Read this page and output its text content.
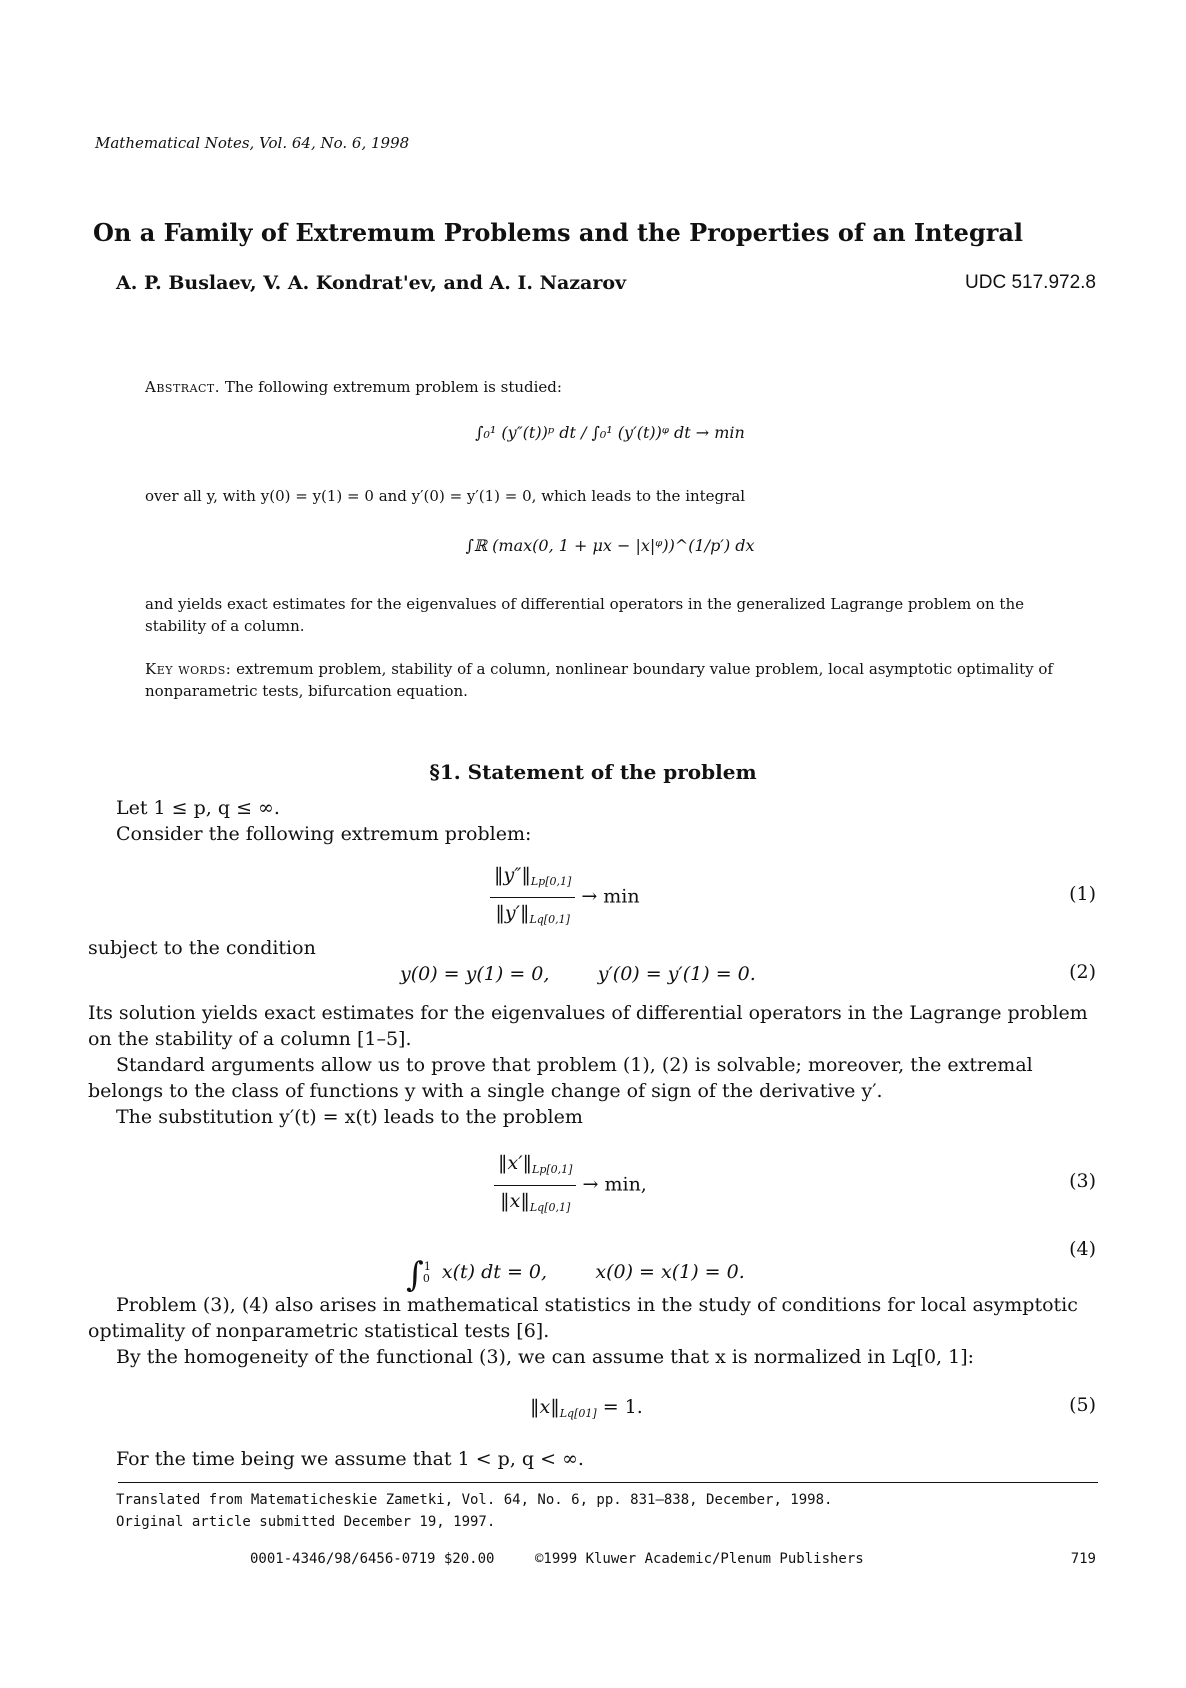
Mathematical Notes, Vol. 64, No. 6, 1998
On a Family of Extremum Problems and the Properties of an Integral
A. P. Buslaev, V. A. Kondrat'ev, and A. I. Nazarov	UDC 517.972.8
Abstract. The following extremum problem is studied:
∫₀¹ (y″(t))ᵖ dt / ∫₀¹ (y′(t))ᵠ dt → min
over all y, with y(0) = y(1) = 0 and y′(0) = y′(1) = 0, which leads to the integral
∫ℝ (max(0, 1 + μx − |x|ᵠ))^(1/p′) dx
and yields exact estimates for the eigenvalues of differential operators in the generalized Lagrange problem on the stability of a column.
Key words: extremum problem, stability of a column, nonlinear boundary value problem, local asymptotic optimality of nonparametric tests, bifurcation equation.
§1. Statement of the problem
Let 1 ≤ p, q ≤ ∞.
Consider the following extremum problem:
$\frac{‖y''‖_{Lp[0,1]}}{‖y'‖_{Lq[0,1]}} \to \min$	(1)
subject to the condition
y(0) = y(1) = 0,        y′(0) = y′(1) = 0.	(2)
Its solution yields exact estimates for the eigenvalues of differential operators in the Lagrange problem on the stability of a column [1–5].
Standard arguments allow us to prove that problem (1), (2) is solvable; moreover, the extremal belongs to the class of functions y with a single change of sign of the derivative y′.
The substitution y′(t) = x(t) leads to the problem
$\frac{‖x'‖_{Lp[0,1]}}{‖x‖_{Lq[0,1]}} \to \min$,	(3)

∫$^1_0$ x(t) dt = 0,        x(0) = x(1) = 0.

(4)
Problem (3), (4) also arises in mathematical statistics in the study of conditions for local asymptotic optimality of nonparametric statistical tests [6].
By the homogeneity of the functional (3), we can assume that x is normalized in Lq[0, 1]:
$‖x‖_{Lq[01]} = 1$.	(5)
For the time being we assume that 1 < p, q < ∞.
Translated from Matematicheskie Zametki, Vol. 64, No. 6, pp. 831–838, December, 1998.
Original article submitted December 19, 1997.
0001-4346/98/6456-0719 $20.00	©1999 Kluwer Academic/Plenum Publishers	719
